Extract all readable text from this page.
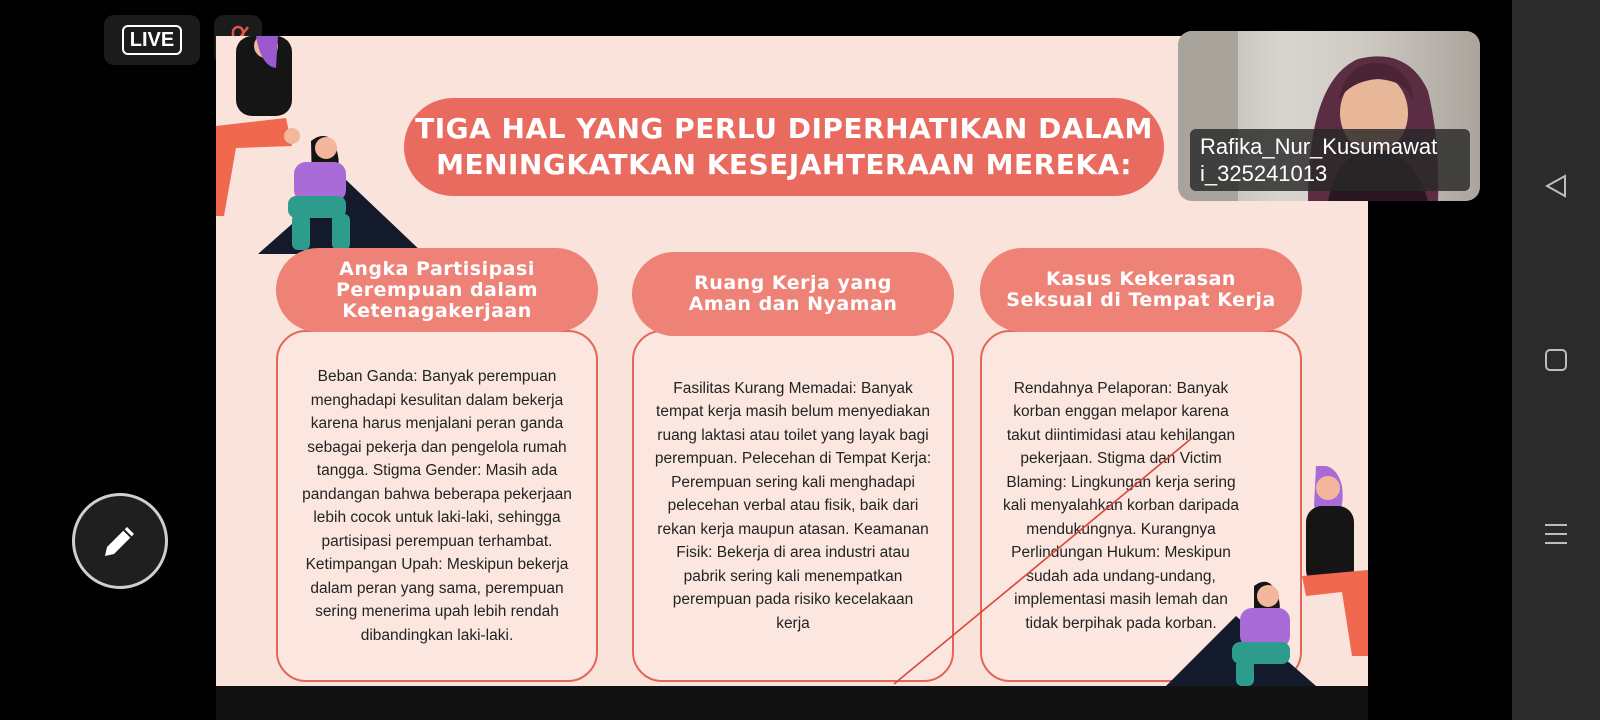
LIVE
TIGA HAL YANG PERLU DIPERHATIKAN DALAM
MENINGKATKAN KESEJAHTERAAN MEREKA:
Angka Partisipasi
Perempuan dalam
Ketenagakerjaan

Beban Ganda: Banyak perempuan menghadapi kesulitan dalam bekerja karena harus menjalani peran ganda sebagai pekerja dan pengelola rumah tangga. Stigma Gender: Masih ada pandangan bahwa beberapa pekerjaan lebih cocok untuk laki-laki, sehingga partisipasi perempuan terhambat. Ketimpangan Upah: Meskipun bekerja dalam peran yang sama, perempuan sering menerima upah lebih rendah dibandingkan laki-laki.

Ruang Kerja yang
Aman dan Nyaman

Fasilitas Kurang Memadai: Banyak tempat kerja masih belum menyediakan ruang laktasi atau toilet yang layak bagi perempuan. Pelecehan di Tempat Kerja: Perempuan sering kali menghadapi pelecehan verbal atau fisik, baik dari rekan kerja maupun atasan. Keamanan Fisik: Bekerja di area industri atau pabrik sering kali menempatkan perempuan pada risiko kecelakaan kerja

Kasus Kekerasan
Seksual di Tempat Kerja

Rendahnya Pelaporan: Banyak korban enggan melapor karena takut diintimidasi atau kehilangan pekerjaan. Stigma dan Victim Blaming: Lingkungan kerja sering kali menyalahkan korban daripada mendukungnya. Kurangnya Perlindungan Hukum: Meskipun sudah ada undang-undang, implementasi masih lemah dan tidak berpihak pada korban.

Rafika_Nur_Kusumawat
i_325241013
